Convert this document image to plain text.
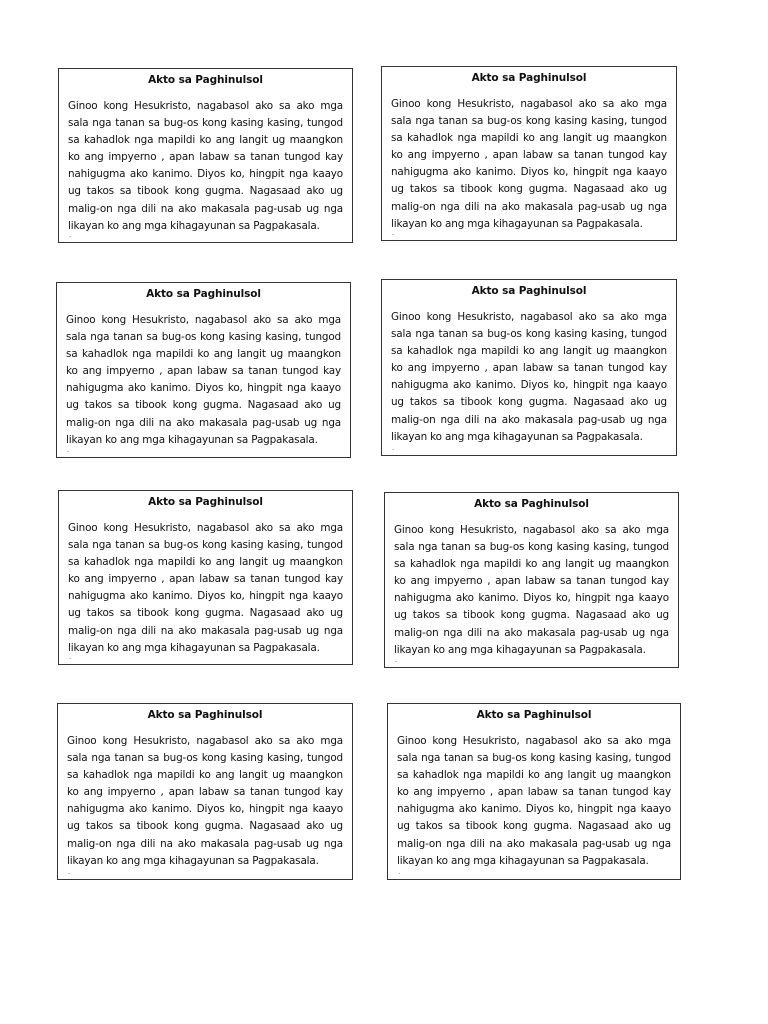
Akto sa Paghinulsol

Ginoo kong Hesukristo, nagabasol ako sa ako mga sala nga tanan sa bug-os kong kasing kasing, tungod sa kahadlok nga mapildi ko ang langit ug maangkon ko ang impyerno , apan labaw sa tanan tungod kay nahigugma ako kanimo. Diyos ko, hingpit nga kaayo ug takos sa tibook kong gugma. Nagasaad ako ug malig-on nga dili na ako makasala pag-usab ug nga likayan ko ang mga kihagayunan sa Pagpakasala.

·
Akto sa Paghinulsol

Ginoo kong Hesukristo, nagabasol ako sa ako mga sala nga tanan sa bug-os kong kasing kasing, tungod sa kahadlok nga mapildi ko ang langit ug maangkon ko ang impyerno , apan labaw sa tanan tungod kay nahigugma ako kanimo. Diyos ko, hingpit nga kaayo ug takos sa tibook kong gugma. Nagasaad ako ug malig-on nga dili na ako makasala pag-usab ug nga likayan ko ang mga kihagayunan sa Pagpakasala.

·
Akto sa Paghinulsol

Ginoo kong Hesukristo, nagabasol ako sa ako mga sala nga tanan sa bug-os kong kasing kasing, tungod sa kahadlok nga mapildi ko ang langit ug maangkon ko ang impyerno , apan labaw sa tanan tungod kay nahigugma ako kanimo. Diyos ko, hingpit nga kaayo ug takos sa tibook kong gugma. Nagasaad ako ug malig-on nga dili na ako makasala pag-usab ug nga likayan ko ang mga kihagayunan sa Pagpakasala.

·
Akto sa Paghinulsol

Ginoo kong Hesukristo, nagabasol ako sa ako mga sala nga tanan sa bug-os kong kasing kasing, tungod sa kahadlok nga mapildi ko ang langit ug maangkon ko ang impyerno , apan labaw sa tanan tungod kay nahigugma ako kanimo. Diyos ko, hingpit nga kaayo ug takos sa tibook kong gugma. Nagasaad ako ug malig-on nga dili na ako makasala pag-usab ug nga likayan ko ang mga kihagayunan sa Pagpakasala.

·
Akto sa Paghinulsol

Ginoo kong Hesukristo, nagabasol ako sa ako mga sala nga tanan sa bug-os kong kasing kasing, tungod sa kahadlok nga mapildi ko ang langit ug maangkon ko ang impyerno , apan labaw sa tanan tungod kay nahigugma ako kanimo. Diyos ko, hingpit nga kaayo ug takos sa tibook kong gugma. Nagasaad ako ug malig-on nga dili na ako makasala pag-usab ug nga likayan ko ang mga kihagayunan sa Pagpakasala.

·
Akto sa Paghinulsol

Ginoo kong Hesukristo, nagabasol ako sa ako mga sala nga tanan sa bug-os kong kasing kasing, tungod sa kahadlok nga mapildi ko ang langit ug maangkon ko ang impyerno , apan labaw sa tanan tungod kay nahigugma ako kanimo. Diyos ko, hingpit nga kaayo ug takos sa tibook kong gugma. Nagasaad ako ug malig-on nga dili na ako makasala pag-usab ug nga likayan ko ang mga kihagayunan sa Pagpakasala.

·
Akto sa Paghinulsol

Ginoo kong Hesukristo, nagabasol ako sa ako mga sala nga tanan sa bug-os kong kasing kasing, tungod sa kahadlok nga mapildi ko ang langit ug maangkon ko ang impyerno , apan labaw sa tanan tungod kay nahigugma ako kanimo. Diyos ko, hingpit nga kaayo ug takos sa tibook kong gugma. Nagasaad ako ug malig-on nga dili na ako makasala pag-usab ug nga likayan ko ang mga kihagayunan sa Pagpakasala.

·
Akto sa Paghinulsol

Ginoo kong Hesukristo, nagabasol ako sa ako mga sala nga tanan sa bug-os kong kasing kasing, tungod sa kahadlok nga mapildi ko ang langit ug maangkon ko ang impyerno , apan labaw sa tanan tungod kay nahigugma ako kanimo. Diyos ko, hingpit nga kaayo ug takos sa tibook kong gugma. Nagasaad ako ug malig-on nga dili na ako makasala pag-usab ug nga likayan ko ang mga kihagayunan sa Pagpakasala.

·
